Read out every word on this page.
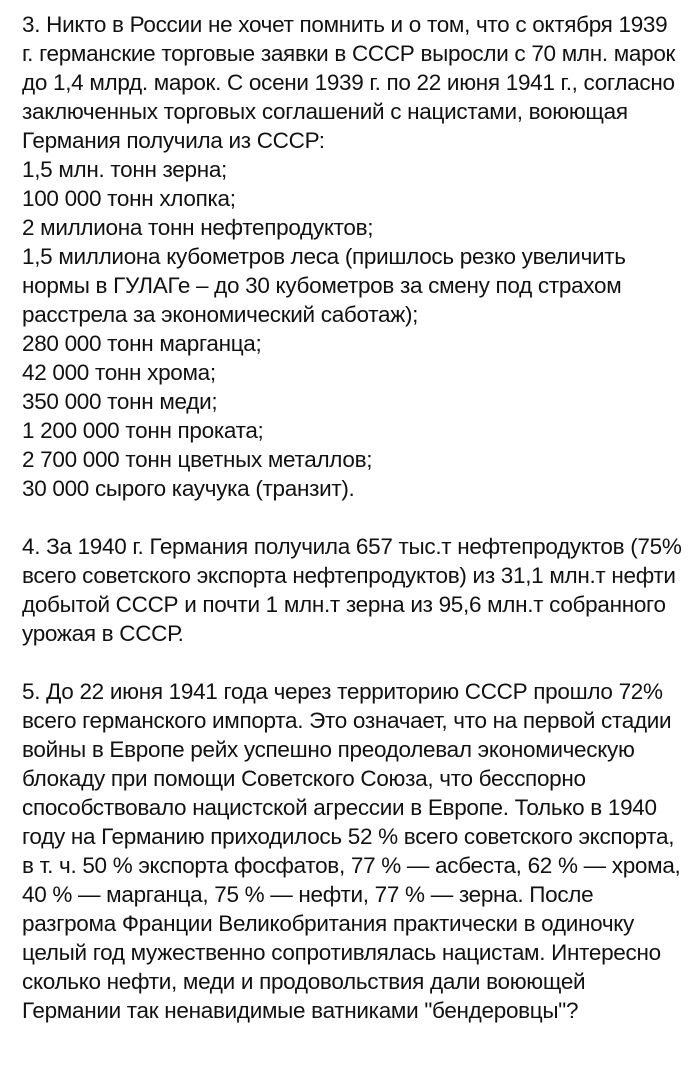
3. Никто в России не хочет помнить и о том, что с октября 1939 г. германские торговые заявки в СССР выросли с 70 млн. марок до 1,4 млрд. марок. С осени 1939 г. по 22 июня 1941 г., согласно заключенных торговых соглашений с нацистами, воюющая Германия получила из СССР:

1,5 млн. тонн зерна;
100 000 тонн хлопка;
2 миллиона тонн нефтепродуктов;
1,5 миллиона кубометров леса (пришлось резко увеличить нормы в ГУЛАГе – до 30 кубометров за смену под страхом расстрела за экономический саботаж);
280 000 тонн марганца;
42 000 тонн хрома;
350 000 тонн меди;
1 200 000 тонн проката;
2 700 000 тонн цветных металлов;
30 000 сырого каучука (транзит).

4. За 1940 г. Германия получила 657 тыс.т нефтепродуктов (75% всего советского экспорта нефтепродуктов) из 31,1 млн.т нефти добытой СССР и почти 1 млн.т зерна из 95,6 млн.т собранного урожая в СССР.

5. До 22 июня 1941 года через территорию СССР прошло 72% всего германского импорта. Это означает, что на первой стадии войны в Европе рейх успешно преодолевал экономическую блокаду при помощи Советского Союза, что бесспорно способствовало нацистской агрессии в Европе. Только в 1940 году на Германию приходилось 52 % всего советского экспорта, в т. ч. 50 % экспорта фосфатов, 77 % — асбеста, 62 % — хрома, 40 % — марганца, 75 % — нефти, 77 % — зерна. После разгрома Франции Великобритания практически в одиночку целый год мужественно сопротивлялась нацистам. Интересно сколько нефти, меди и продовольствия дали воюющей Германии так ненавидимые ватниками "бендеровцы"?
